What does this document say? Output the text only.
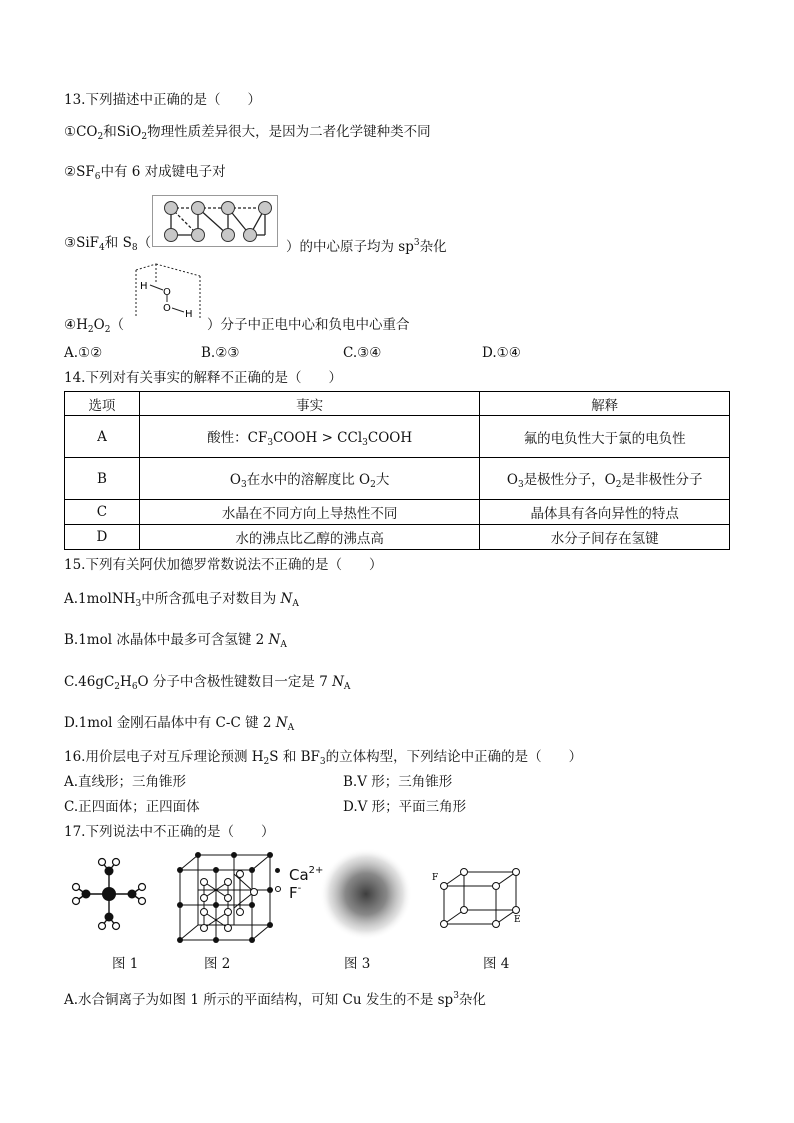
13.下列描述中正确的是（　　）
$①CO_2$和SiO$_2$物理性质差异很大，是因为二者化学键种类不同
$②SF_6$中有 6 对成键电子对
③SiF$_4$和 $S_8$（	）的中心原子均为 $sp^3$杂化
H
O
O
H
$④H_2O_2$（	）分子中正电中心和负电中心重合
A.①②	B.②③	C.③④	D.①④
14.下列对有关事实的解释不正确的是（　　）
选项	事实	解释
A	酸性：$CF_3COOH$ > CCl$_3$COOH	氟的电负性大于氯的电负性
B	$O_3$在水中的溶解度比 $O_2$大	$O_3$是极性分子，$O_2$是非极性分子
C	水晶在不同方向上导热性不同	晶体具有各向异性的特点
D	水的沸点比乙醇的沸点高	水分子间存在氢键
15.下列有关阿伏加德罗常数说法不正确的是（　　）
A.1molNH$_3$中所含孤电子对数目为 $N_A$
B.1mol 冰晶体中最多可含氢键 2 $N_A$
$C.46gC_2H_6O$ 分子中含极性键数目一定是 7 $N_A$
D.1mol 金刚石晶体中有 C-C 键 2 $N_A$
16.用价层电子对互斥理论预测 $H_2S$ 和 $BF_3$的立体构型，下列结论中正确的是（　　）
A.直线形；三角锥形	B.V 形；三角锥形
C.正四面体；正四面体	D.V 形；平面三角形
17.下列说法中不正确的是（　　）
$Ca^{2+}$
F-
F
E
图 1	图 2	图 3	图 4
A.水合铜离子为如图 1 所示的平面结构，可知 Cu 发生的不是 $sp^3$杂化
